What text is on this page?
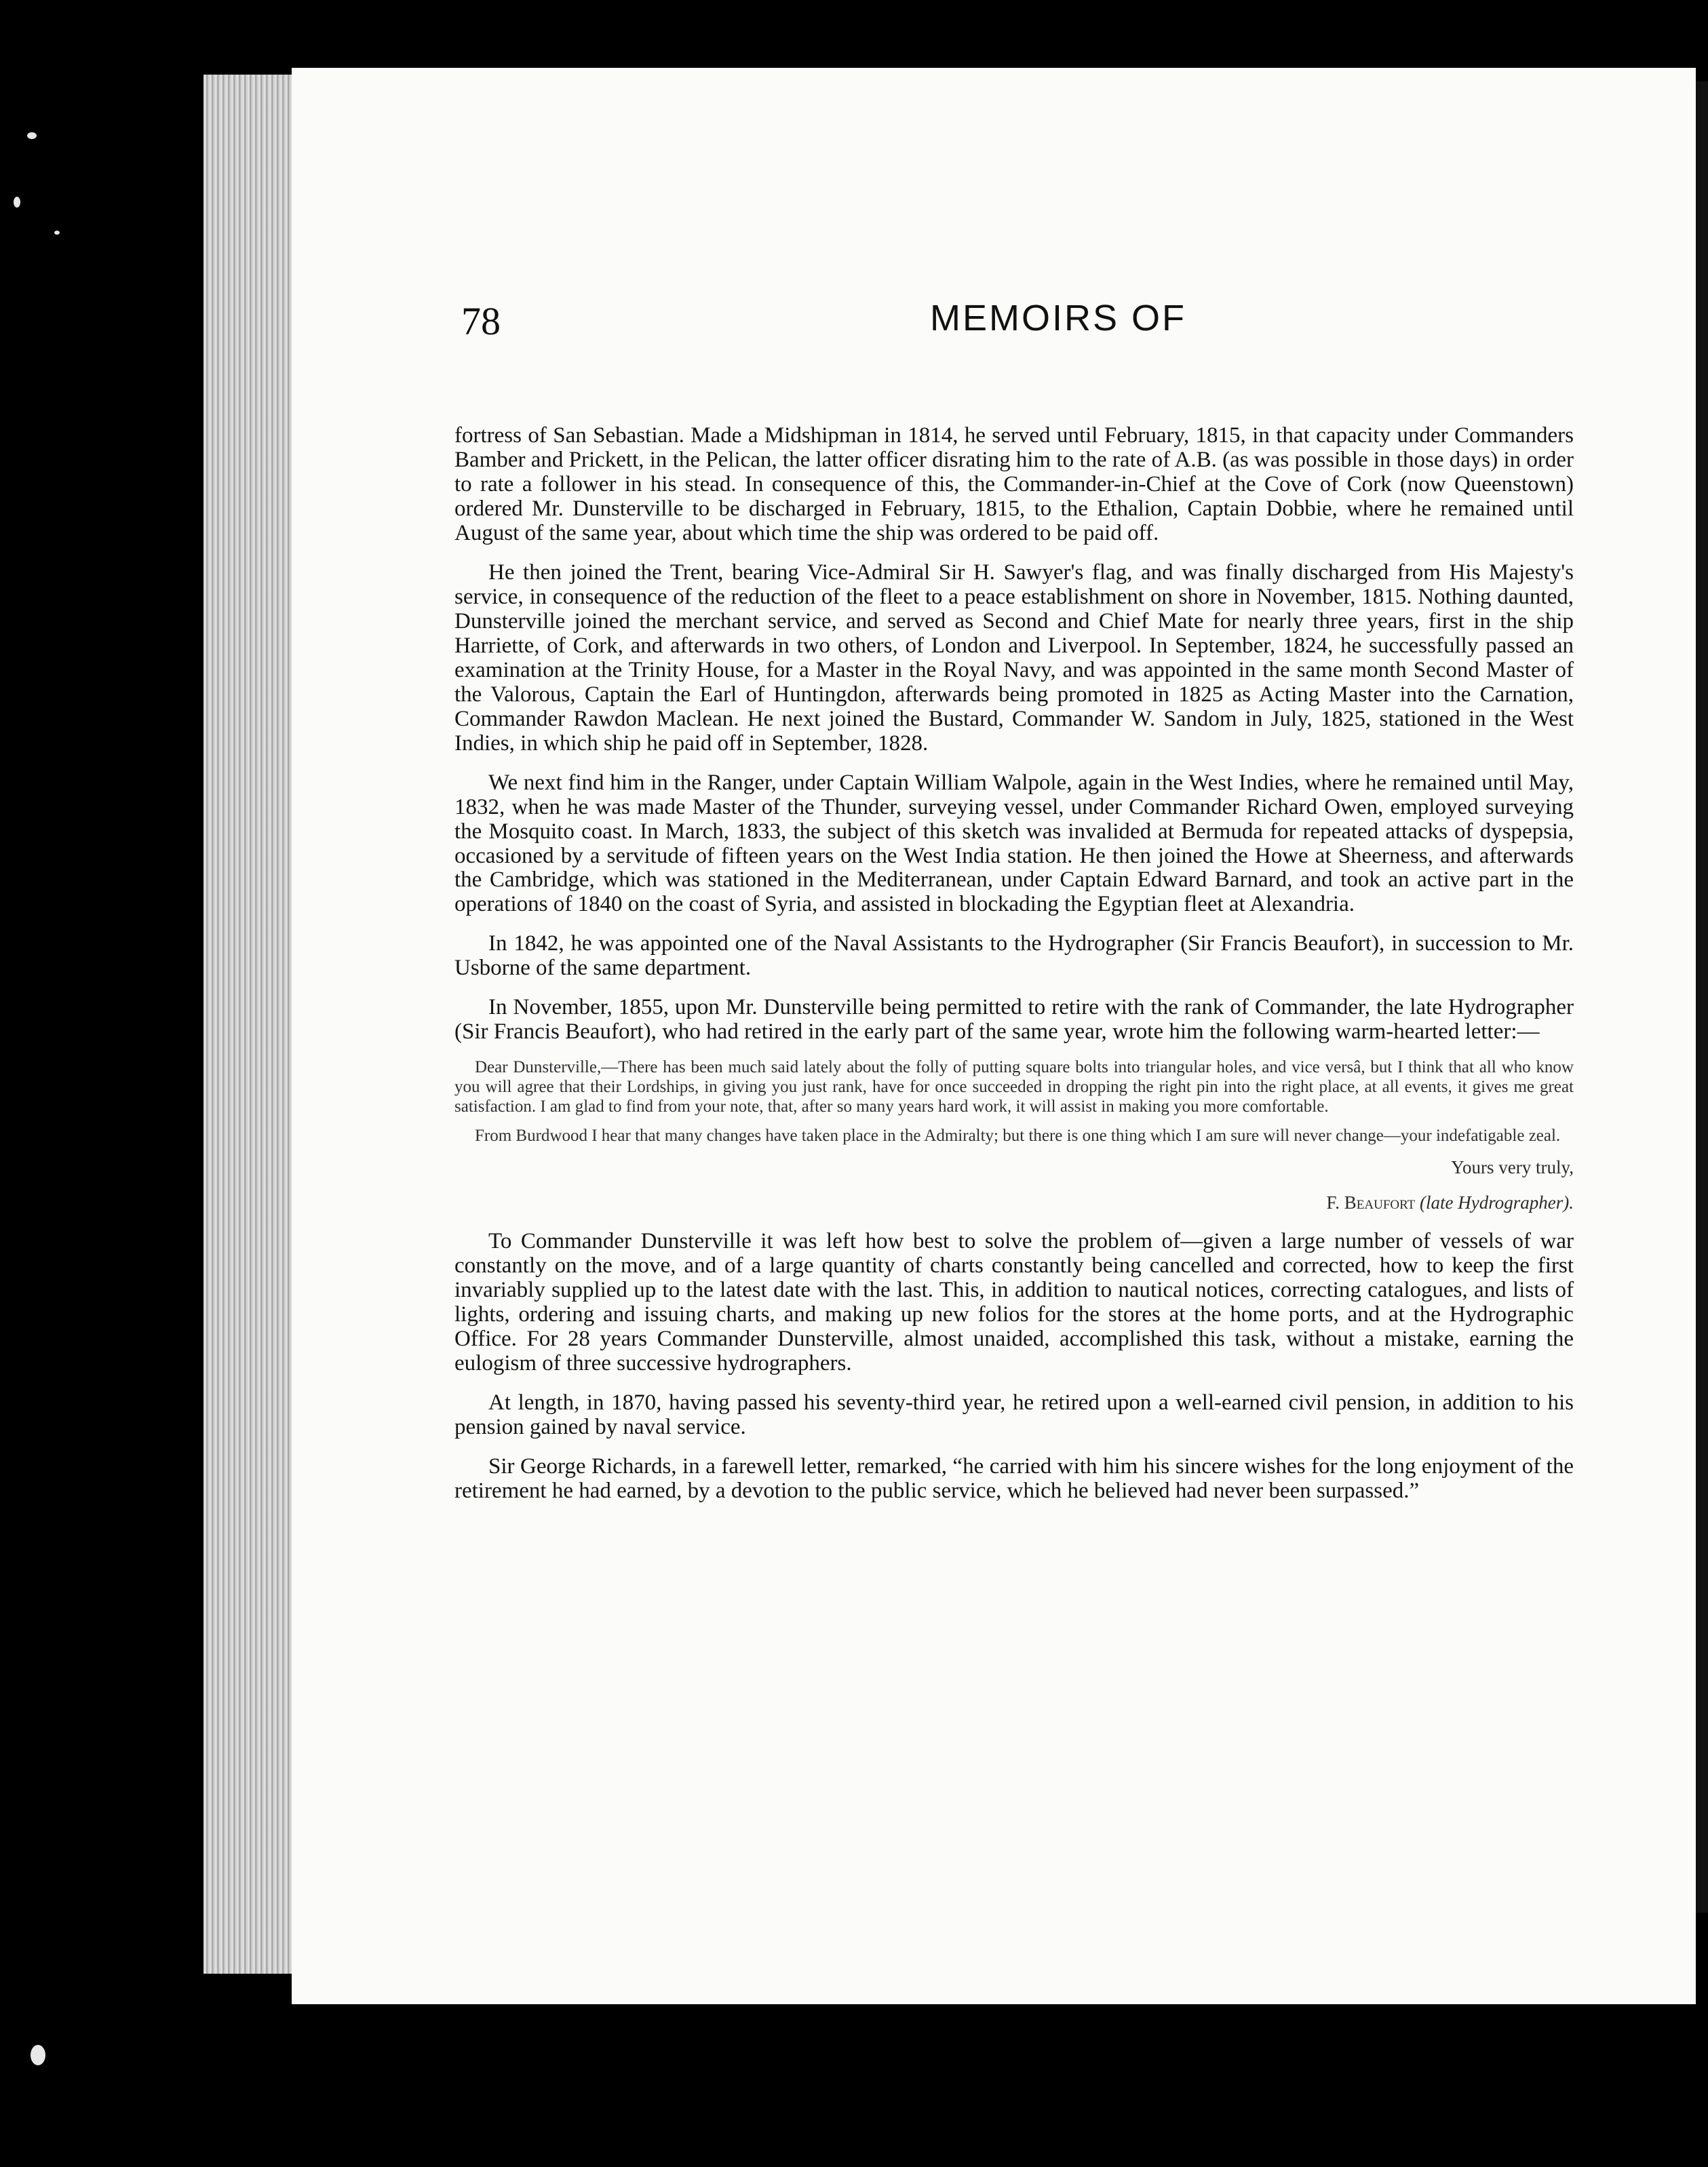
78	MEMOIRS OF

fortress of San Sebastian. Made a Midshipman in 1814, he served until February, 1815, in that capacity under Commanders Bamber and Prickett, in the Pelican, the latter officer disrating him to the rate of A.B. (as was possible in those days) in order to rate a follower in his stead. In consequence of this, the Commander-in-Chief at the Cove of Cork (now Queenstown) ordered Mr. Dunsterville to be discharged in February, 1815, to the Ethalion, Captain Dobbie, where he remained until August of the same year, about which time the ship was ordered to be paid off.

He then joined the Trent, bearing Vice-Admiral Sir H. Sawyer's flag, and was finally discharged from His Majesty's service, in consequence of the reduction of the fleet to a peace establishment on shore in November, 1815. Nothing daunted, Dunsterville joined the merchant service, and served as Second and Chief Mate for nearly three years, first in the ship Harriette, of Cork, and afterwards in two others, of London and Liverpool. In September, 1824, he successfully passed an examination at the Trinity House, for a Master in the Royal Navy, and was appointed in the same month Second Master of the Valorous, Captain the Earl of Huntingdon, afterwards being promoted in 1825 as Acting Master into the Carnation, Commander Rawdon Maclean. He next joined the Bustard, Commander W. Sandom in July, 1825, stationed in the West Indies, in which ship he paid off in September, 1828.

We next find him in the Ranger, under Captain William Walpole, again in the West Indies, where he remained until May, 1832, when he was made Master of the Thunder, surveying vessel, under Commander Richard Owen, employed surveying the Mosquito coast. In March, 1833, the subject of this sketch was invalided at Bermuda for repeated attacks of dyspepsia, occasioned by a servitude of fifteen years on the West India station. He then joined the Howe at Sheerness, and afterwards the Cambridge, which was stationed in the Mediterranean, under Captain Edward Barnard, and took an active part in the operations of 1840 on the coast of Syria, and assisted in blockading the Egyptian fleet at Alexandria.

In 1842, he was appointed one of the Naval Assistants to the Hydrographer (Sir Francis Beaufort), in succession to Mr. Usborne of the same department.

In November, 1855, upon Mr. Dunsterville being permitted to retire with the rank of Commander, the late Hydrographer (Sir Francis Beaufort), who had retired in the early part of the same year, wrote him the following warm-hearted letter:—

Dear Dunsterville,—There has been much said lately about the folly of putting square bolts into triangular holes, and vice versâ, but I think that all who know you will agree that their Lordships, in giving you just rank, have for once succeeded in dropping the right pin into the right place, at all events, it gives me great satisfaction. I am glad to find from your note, that, after so many years hard work, it will assist in making you more comfortable.

From Burdwood I hear that many changes have taken place in the Admiralty; but there is one thing which I am sure will never change—your indefatigable zeal.

Yours very truly,
F. Beaufort (late Hydrographer).

To Commander Dunsterville it was left how best to solve the problem of—given a large number of vessels of war constantly on the move, and of a large quantity of charts constantly being cancelled and corrected, how to keep the first invariably supplied up to the latest date with the last. This, in addition to nautical notices, correcting catalogues, and lists of lights, ordering and issuing charts, and making up new folios for the stores at the home ports, and at the Hydrographic Office. For 28 years Commander Dunsterville, almost unaided, accomplished this task, without a mistake, earning the eulogism of three successive hydrographers.

At length, in 1870, having passed his seventy-third year, he retired upon a well-earned civil pension, in addition to his pension gained by naval service.

Sir George Richards, in a farewell letter, remarked, “he carried with him his sincere wishes for the long enjoyment of the retirement he had earned, by a devotion to the public service, which he believed had never been surpassed.”
